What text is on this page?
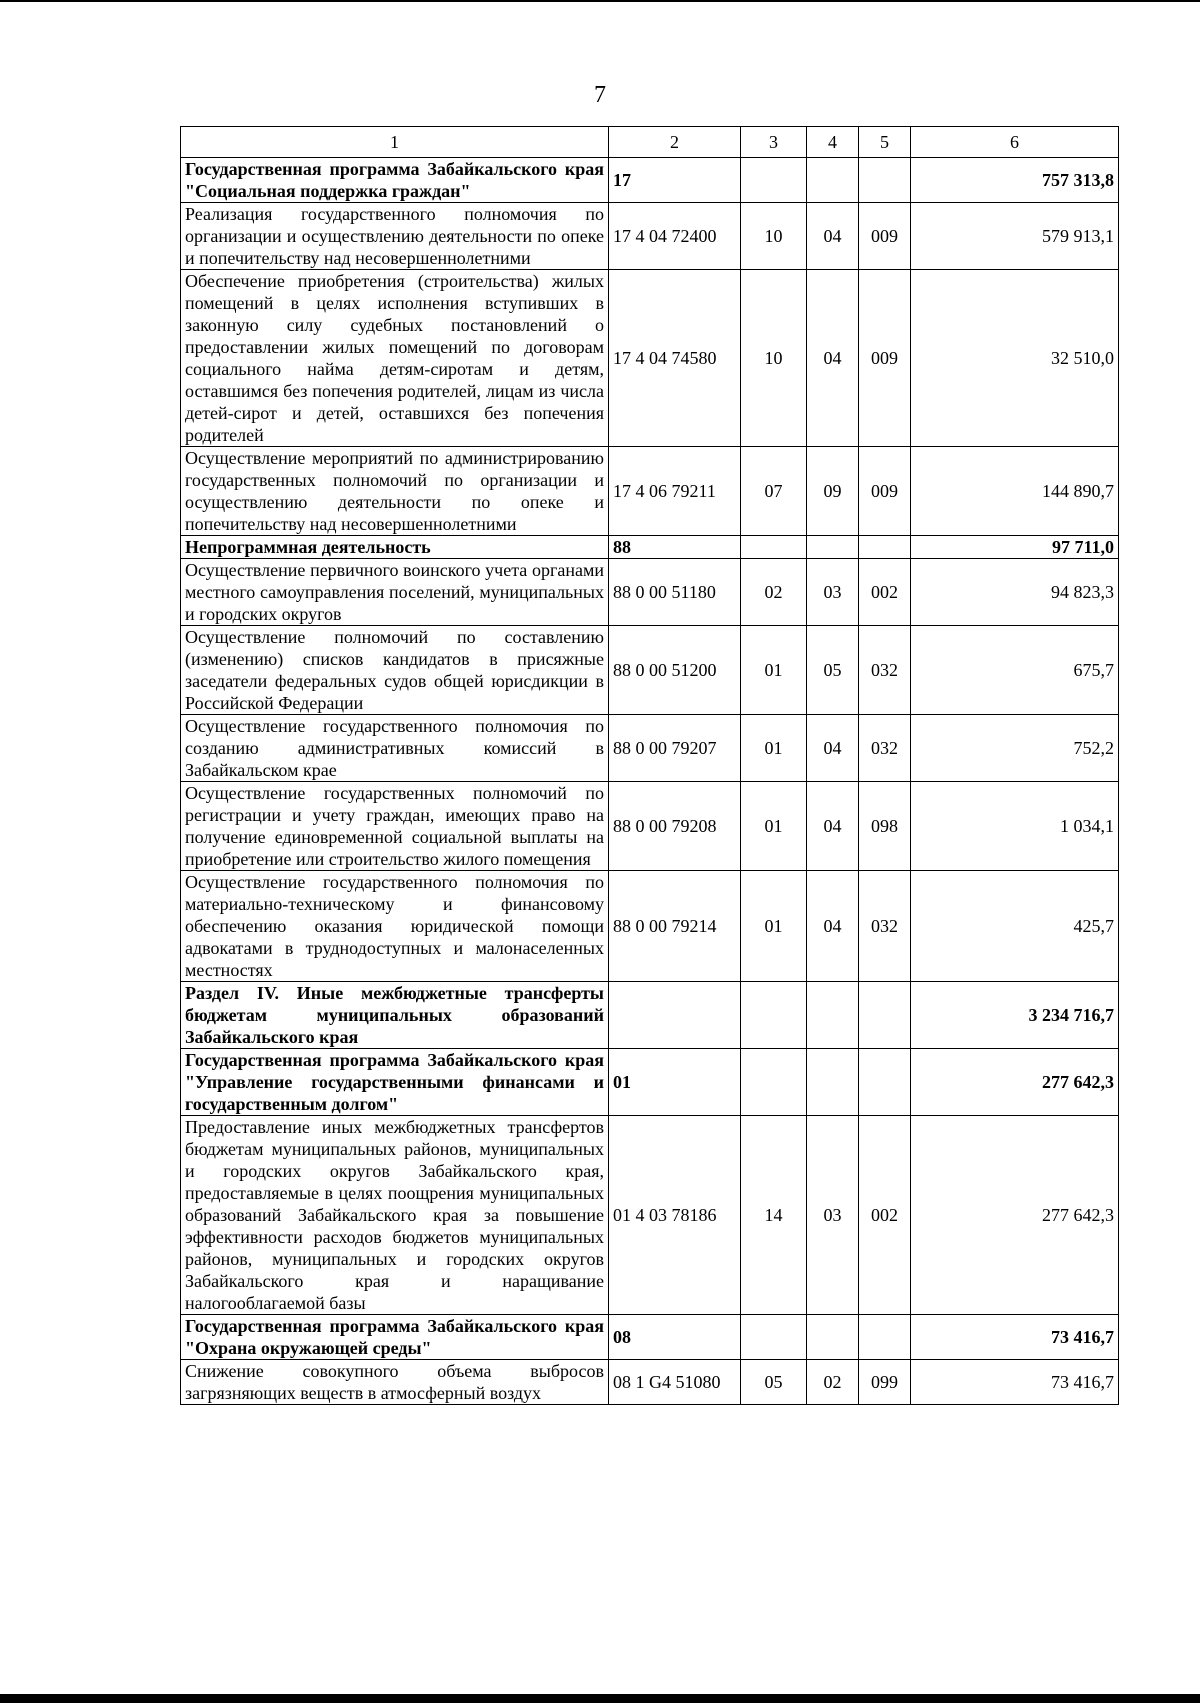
7
1	2	3	4	5	6
Государственная программа Забайкальского края "Социальная поддержка граждан"	17				757 313,8
Реализация государственного полномочия по организации и осуществлению деятельности по опеке и попечительству над несовершеннолетними	17 4 04 72400	10	04	009	579 913,1
Обеспечение приобретения (строительства) жилых помещений в целях исполнения вступивших в законную силу судебных постановлений о предоставлении жилых помещений по договорам социального найма детям-сиротам и детям, оставшимся без попечения родителей, лицам из числа детей-сирот и детей, оставшихся без попечения родителей	17 4 04 74580	10	04	009	32 510,0
Осуществление мероприятий по администрированию государственных полномочий по организации и осуществлению деятельности по опеке и попечительству над несовершеннолетними	17 4 06 79211	07	09	009	144 890,7
Непрограммная деятельность	88				97 711,0
Осуществление первичного воинского учета органами местного самоуправления поселений, муниципальных и городских округов	88 0 00 51180	02	03	002	94 823,3
Осуществление полномочий по составлению (изменению) списков кандидатов в присяжные заседатели федеральных судов общей юрисдикции в Российской Федерации	88 0 00 51200	01	05	032	675,7
Осуществление государственного полномочия по созданию административных комиссий в Забайкальском крае	88 0 00 79207	01	04	032	752,2
Осуществление государственных полномочий по регистрации и учету граждан, имеющих право на получение единовременной социальной выплаты на приобретение или строительство жилого помещения	88 0 00 79208	01	04	098	1 034,1
Осуществление государственного полномочия по материально-техническому и финансовому обеспечению оказания юридической помощи адвокатами в труднодоступных и малонаселенных местностях	88 0 00 79214	01	04	032	425,7
Раздел IV. Иные межбюджетные трансферты бюджетам муниципальных образований Забайкальского края					3 234 716,7
Государственная программа Забайкальского края "Управление государственными финансами и государственным долгом"	01				277 642,3
Предоставление иных межбюджетных трансфертов бюджетам муниципальных районов, муниципальных и городских округов Забайкальского края, предоставляемые в целях поощрения муниципальных образований Забайкальского края за повышение эффективности расходов бюджетов муниципальных районов, муниципальных и городских округов Забайкальского края и наращивание налогооблагаемой базы	01 4 03 78186	14	03	002	277 642,3
Государственная программа Забайкальского края "Охрана окружающей среды"	08				73 416,7
Снижение совокупного объема выбросов загрязняющих веществ в атмосферный воздух	08 1 G4 51080	05	02	099	73 416,7
